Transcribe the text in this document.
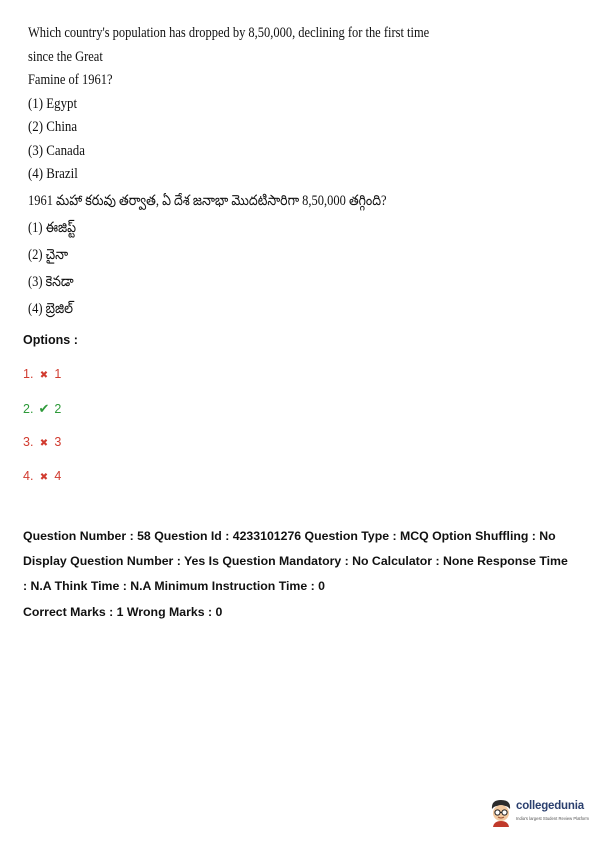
Which country's population has dropped by 8,50,000, declining for the first time since the Great

Famine of 1961?

(1) Egypt

(2) China

(3) Canada

(4) Brazil

1961 మహా కరువు తర్వాత, ఏ దేశ జనాభా మొదటిసారిగా 8,50,000 తగ్గింది?

(1) ఈజిప్ట్

(2) చైనా

(3) కెనడా

(4) బ్రెజిల్

Options :
1. ✖ 1
2. ✔ 2
3. ✖ 3
4. ✖ 4

Question Number : 58 Question Id : 4233101276 Question Type : MCQ Option Shuffling : No

Display Question Number : Yes Is Question Mandatory : No Calculator : None Response Time

: N.A Think Time : N.A Minimum Instruction Time : 0

Correct Marks : 1 Wrong Marks : 0

collegedunia
India's largest Student Review Platform
